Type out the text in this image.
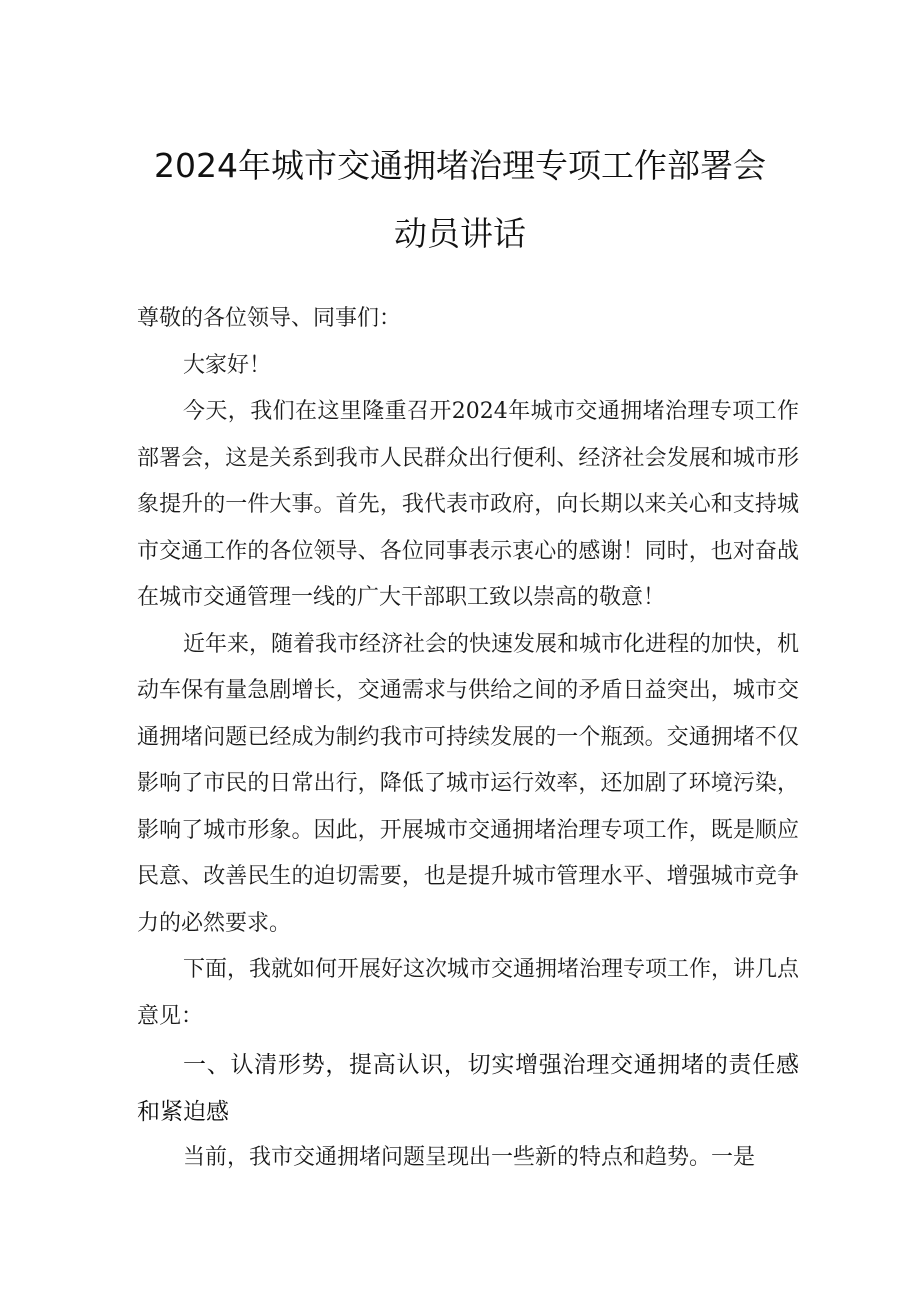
2024年城市交通拥堵治理专项工作部署会
动员讲话

尊敬的各位领导、同事们：

大家好！

今天，我们在这里隆重召开2024年城市交通拥堵治理专项工作部署会，这是关系到我市人民群众出行便利、经济社会发展和城市形象提升的一件大事。首先，我代表市政府，向长期以来关心和支持城市交通工作的各位领导、各位同事表示衷心的感谢！同时，也对奋战在城市交通管理一线的广大干部职工致以崇高的敬意！

近年来，随着我市经济社会的快速发展和城市化进程的加快，机动车保有量急剧增长，交通需求与供给之间的矛盾日益突出，城市交通拥堵问题已经成为制约我市可持续发展的一个瓶颈。交通拥堵不仅影响了市民的日常出行，降低了城市运行效率，还加剧了环境污染，影响了城市形象。因此，开展城市交通拥堵治理专项工作，既是顺应民意、改善民生的迫切需要，也是提升城市管理水平、增强城市竞争力的必然要求。

下面，我就如何开展好这次城市交通拥堵治理专项工作，讲几点意见：

一、认清形势，提高认识，切实增强治理交通拥堵的责任感和紧迫感

当前，我市交通拥堵问题呈现出一些新的特点和趋势。一是
